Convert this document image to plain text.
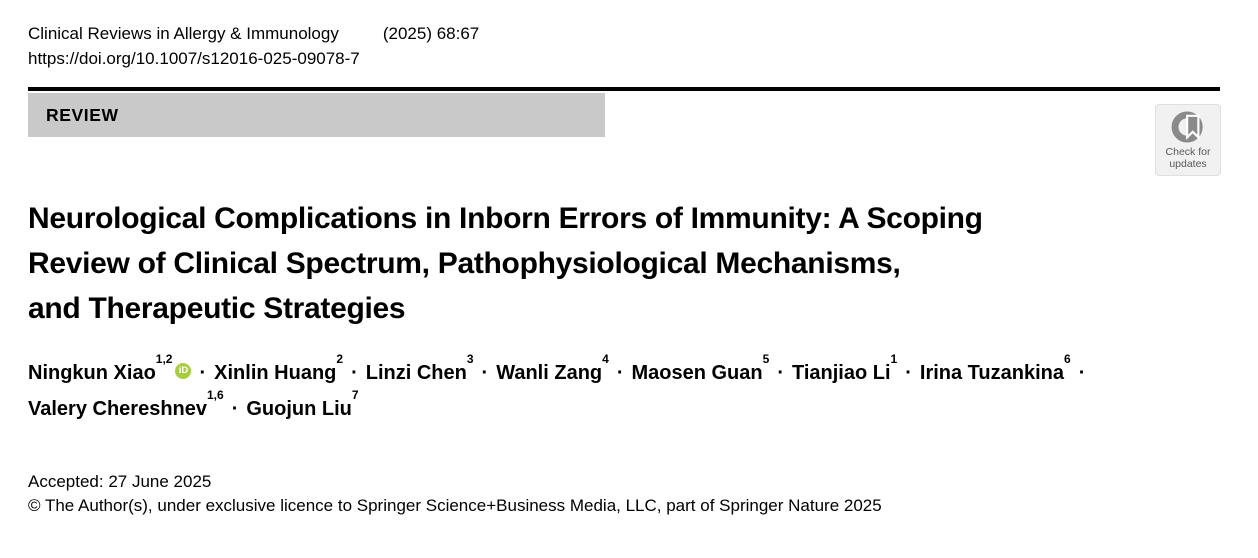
Clinical Reviews in Allergy & Immunology	(2025) 68:67
https://doi.org/10.1007/s12016-025-09078-7
REVIEW
Check for
updates
Neurological Complications in Inborn Errors of Immunity: A Scoping
Review of Clinical Spectrum, Pathophysiological Mechanisms,
and Therapeutic Strategies
Ningkun Xiao$^{1,2}$iD · Xinlin Huang$^2$· Linzi Chen$^3$· Wanli Zang$^4$· Maosen Guan$^5$· Tianjiao $Li^1\cdot$ Irina Tuzankina$^6$·
Valery Chereshnev$^{1,6}$· Guojun Liu$^7$
Accepted: 27 June 2025
© The Author(s), under exclusive licence to Springer Science+Business Media, LLC, part of Springer Nature 2025
